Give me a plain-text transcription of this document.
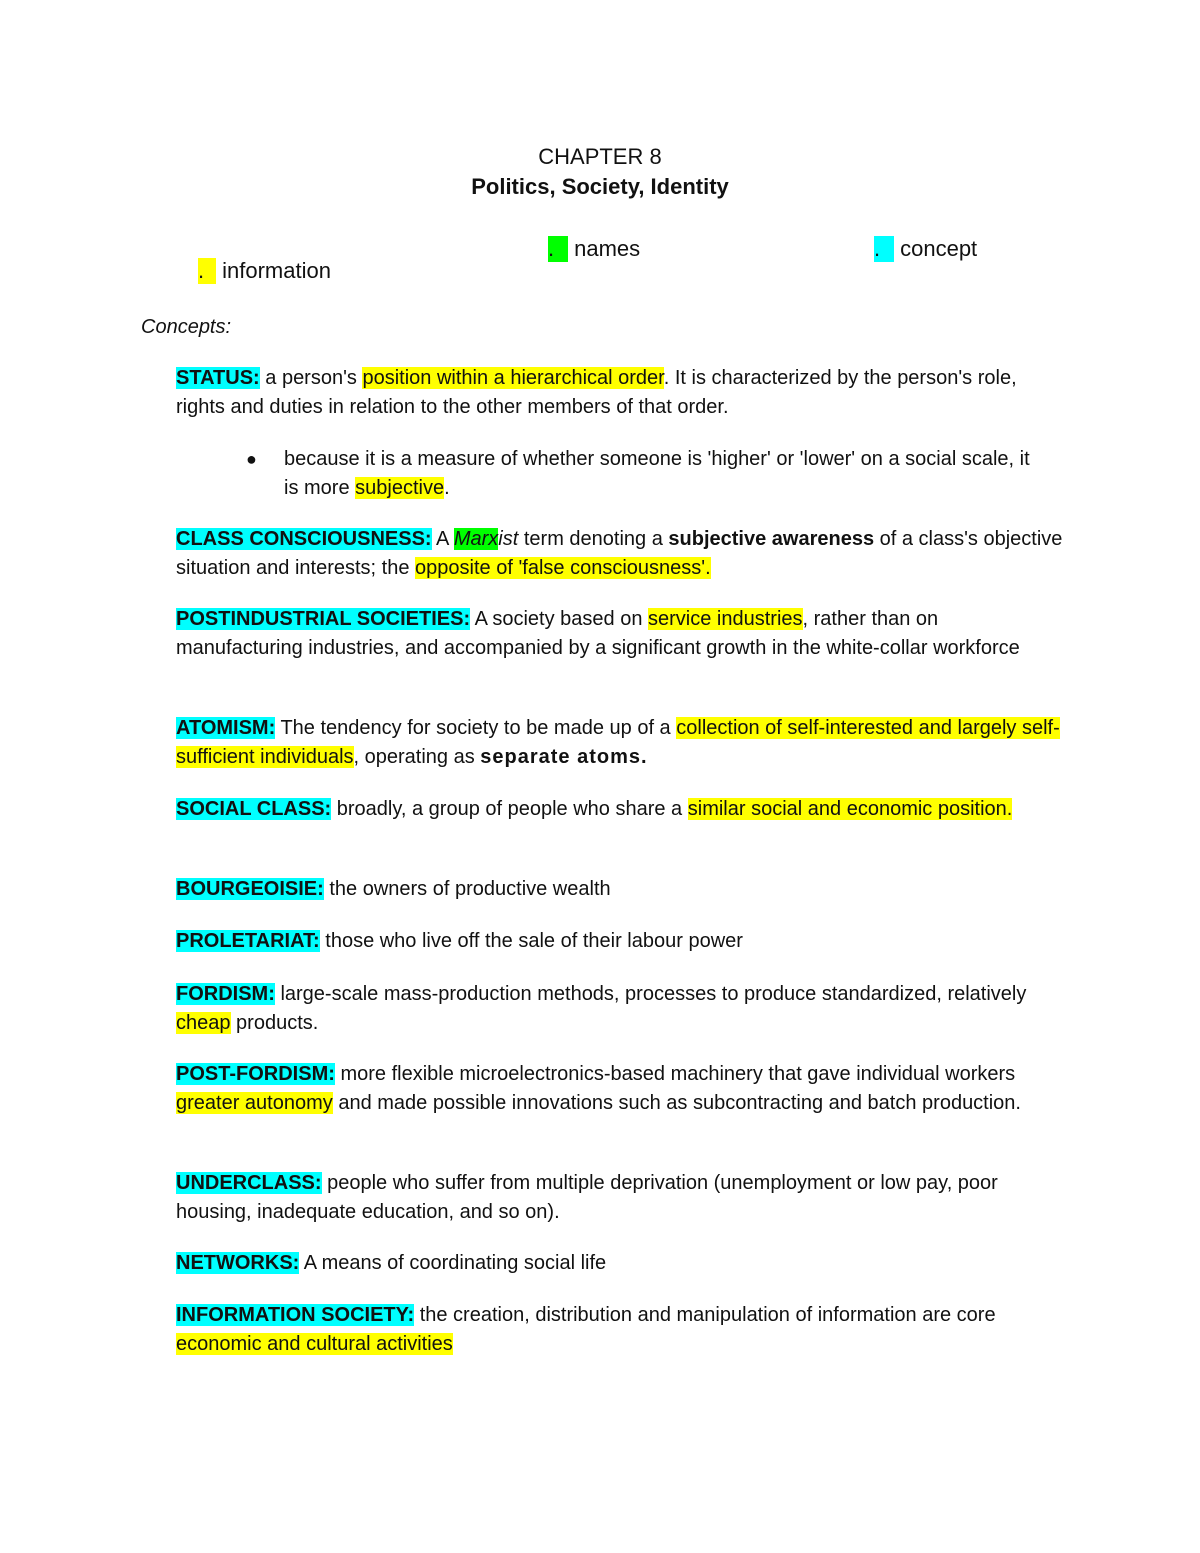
CHAPTER 8
Politics, Society, Identity
. information
. names	. concept
Concepts:
STATUS: a person's position within a hierarchical order. It is characterized by the person's role, rights and duties in relation to the other members of that order.
● because it is a measure of whether someone is 'higher' or 'lower' on a social scale, it is more subjective.
CLASS CONSCIOUSNESS: A Marxist term denoting a subjective awareness of a class's objective situation and interests; the opposite of 'false consciousness'.
POSTINDUSTRIAL SOCIETIES: A society based on service industries, rather than on manufacturing industries, and accompanied by a significant growth in the white-collar workforce
ATOMISM: The tendency for society to be made up of a collection of self-interested and largely self-sufficient individuals, operating as separate atoms.
SOCIAL CLASS: broadly, a group of people who share a similar social and economic position.
BOURGEOISIE: the owners of productive wealth
PROLETARIAT: those who live off the sale of their labour power
FORDISM: large-scale mass-production methods, processes to produce standardized, relatively cheap products.
POST-FORDISM: more flexible microelectronics-based machinery that gave individual workers greater autonomy and made possible innovations such as subcontracting and batch production.
UNDERCLASS: people who suffer from multiple deprivation (unemployment or low pay, poor housing, inadequate education, and so on).
NETWORKS: A means of coordinating social life
INFORMATION SOCIETY: the creation, distribution and manipulation of information are core economic and cultural activities
